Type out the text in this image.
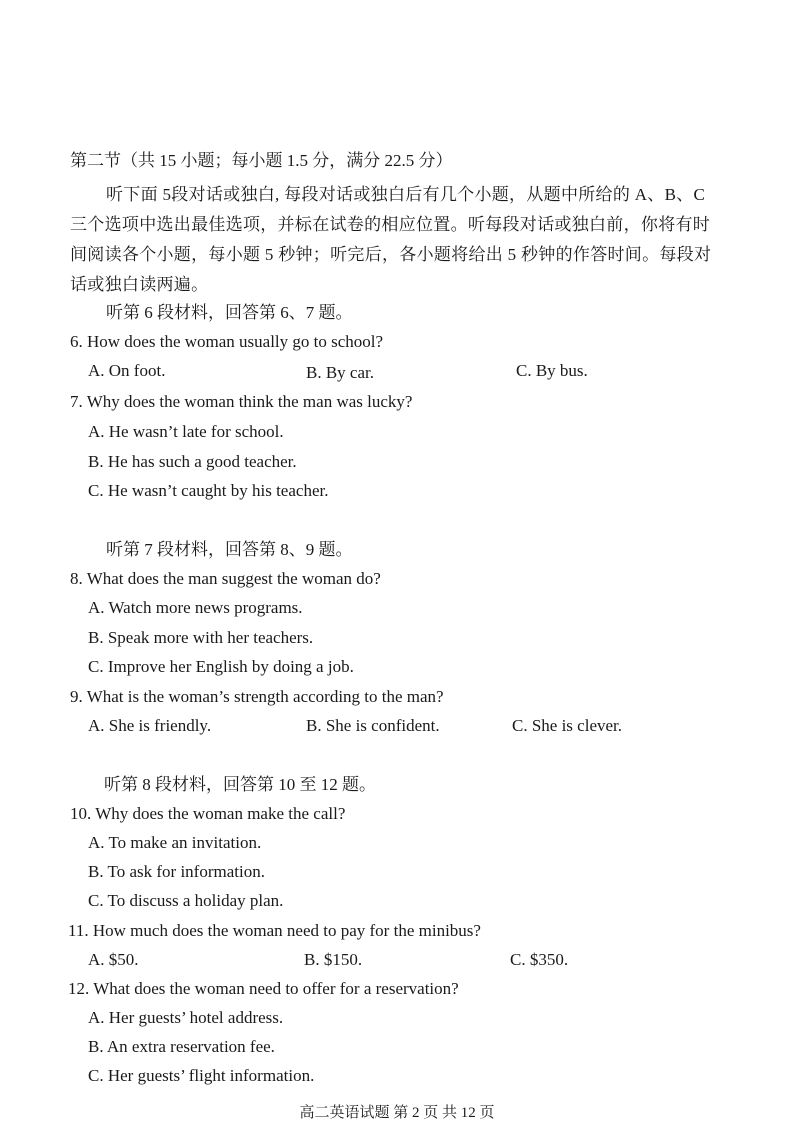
第二节（共 15 小题；每小题 1.5 分，满分 22.5 分）
听下面 5段对话或独白, 每段对话或独白后有几个小题，从题中所给的 A、B、C 三个选项中选出最佳选项，并标在试卷的相应位置。听每段对话或独白前，你将有时间阅读各个小题，每小题 5 秒钟；听完后，各小题将给出 5 秒钟的作答时间。每段对话或独白读两遍。
听第 6 段材料，回答第 6、7 题。
6. How does the woman usually go to school?
A. On foot.	B. By car.	C. By bus.
7. Why does the woman think the man was lucky?
A. He wasn’t late for school.
B. He has such a good teacher.
C. He wasn’t caught by his teacher.
听第 7 段材料，回答第 8、9 题。
8. What does the man suggest the woman do?
A. Watch more news programs.
B. Speak more with her teachers.
C. Improve her English by doing a job.
9. What is the woman’s strength according to the man?
A. She is friendly.	B. She is confident.	C. She is clever.
听第 8 段材料，回答第 10 至 12 题。
10. Why does the woman make the call?
A. To make an invitation.
B. To ask for information.
C. To discuss a holiday plan.
11. How much does the woman need to pay for the minibus?
A. $50.	B. $150.	C. $350.
12. What does the woman need to offer for a reservation?
A. Her guests’ hotel address.
B. An extra reservation fee.
C. Her guests’ flight information.
高二英语试题 第 2 页 共 12 页
